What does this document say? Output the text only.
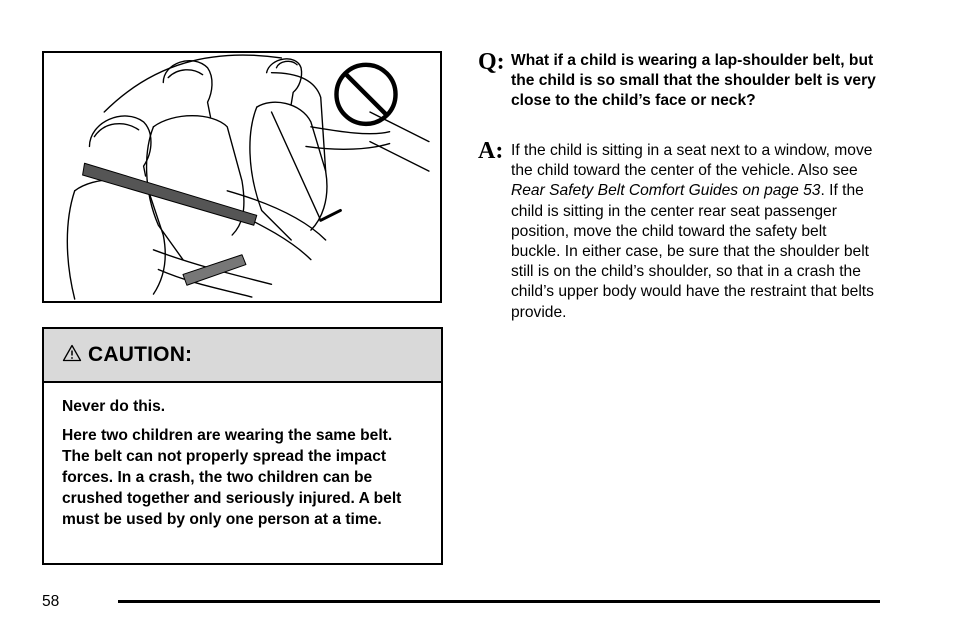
CAUTION:

Never do this.

Here two children are wearing the same belt. The belt can not properly spread the impact forces. In a crash, the two children can be crushed together and seriously injured. A belt must be used by only one person at a time.

Q: What if a child is wearing a lap-shoulder belt, but the child is so small that the shoulder belt is very close to the child’s face or neck?
A: If the child is sitting in a seat next to a window, move the child toward the center of the vehicle. Also see Rear Safety Belt Comfort Guides on page 53. If the child is sitting in the center rear seat passenger position, move the child toward the safety belt buckle. In either case, be sure that the shoulder belt still is on the child’s shoulder, so that in a crash the child’s upper body would have the restraint that belts provide.
58
